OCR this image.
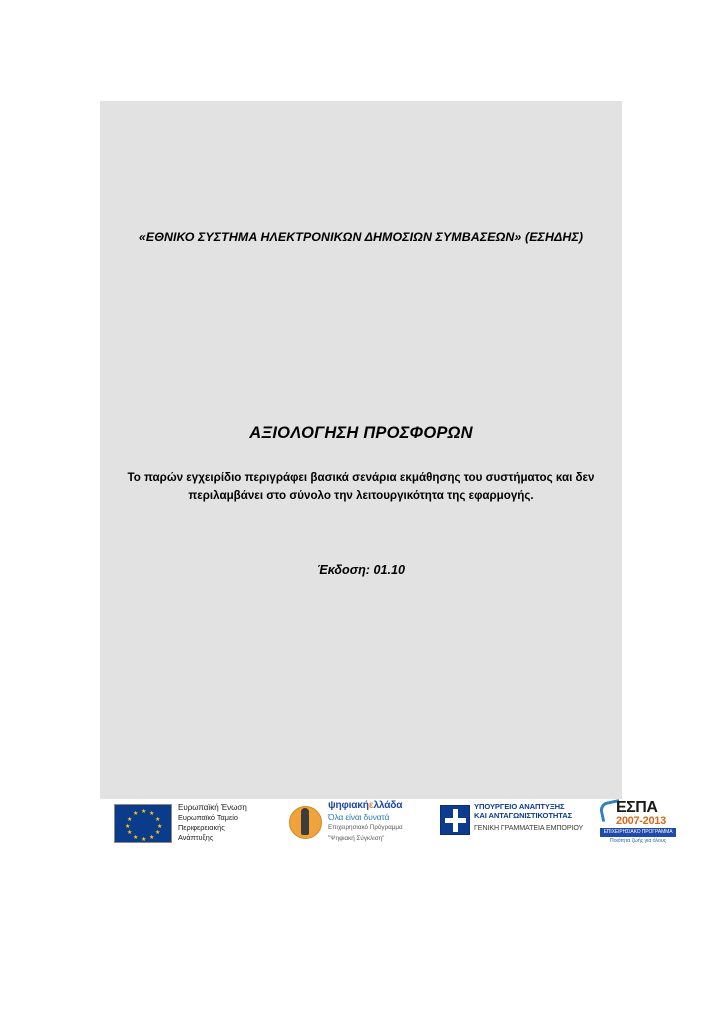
«ΕΘΝΙΚΟ ΣΥΣΤΗΜΑ ΗΛΕΚΤΡΟΝΙΚΩΝ ΔΗΜΟΣΙΩΝ ΣΥΜΒΑΣΕΩΝ» (ΕΣΗΔΗΣ)
ΑΞΙΟΛΟΓΗΣΗ ΠΡΟΣΦΟΡΩΝ
Το παρών εγχειρίδιο περιγράφει βασικά σενάρια εκμάθησης του συστήματος και δεν περιλαμβάνει στο σύνολο την λειτουργικότητα της εφαρμογής.
Έκδοση: 01.10
★ ★
★
★
★
★
★
★
★
★
★
★
Ευρωπαϊκή Ένωση
Ευρωπαϊκό Ταμείο
Περιφερειακής
Ανάπτυξης
ψηφιακήελλάδα
Όλα είναι δυνατά
Επιχειρησιακό Πρόγραμμα
"Ψηφιακή Σύγκλιση"
ΥΠΟΥΡΓΕΙΟ ΑΝΑΠΤΥΞΗΣ
ΚΑΙ ΑΝΤΑΓΩΝΙΣΤΙΚΟΤΗΤΑΣ
ΓΕΝΙΚΗ ΓΡΑΜΜΑΤΕΙΑ ΕΜΠΟΡΙΟΥ
ΕΣΠΑ
2007-2013
ΕΠΙΧΕΙΡΗΣΙΑΚΟ ΠΡΟΓΡΑΜΜΑ
Ποιότητα ζωής για όλους
